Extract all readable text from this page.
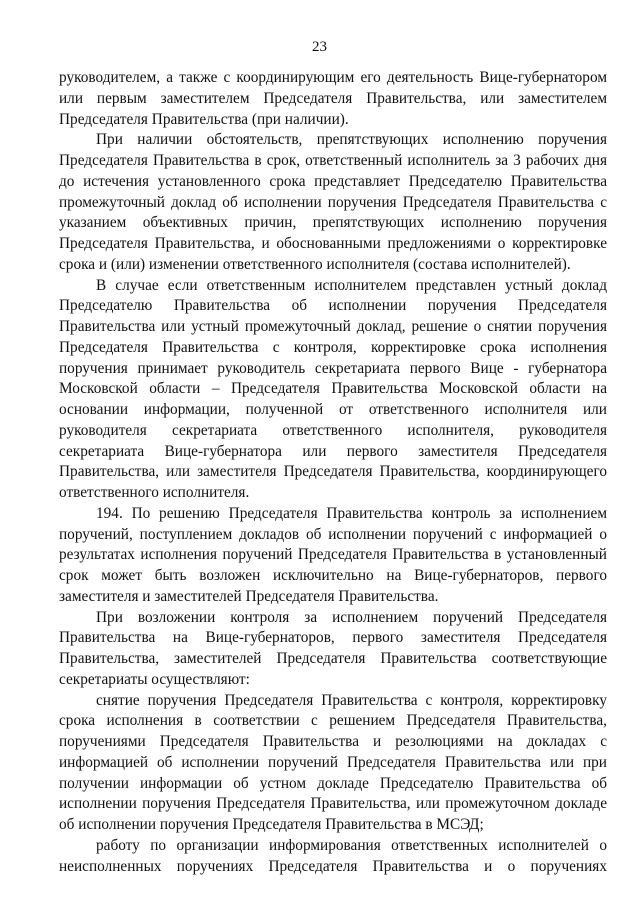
23

руководителем, а также с координирующим его деятельность Вице-губернатором или первым заместителем Председателя Правительства, или заместителем Председателя Правительства (при наличии).

При наличии обстоятельств, препятствующих исполнению поручения Председателя Правительства в срок, ответственный исполнитель за 3 рабочих дня до истечения установленного срока представляет Председателю Правительства промежуточный доклад об исполнении поручения Председателя Правительства с указанием объективных причин, препятствующих исполнению поручения Председателя Правительства, и обоснованными предложениями о корректировке срока и (или) изменении ответственного исполнителя (состава исполнителей).

В случае если ответственным исполнителем представлен устный доклад Председателю Правительства об исполнении поручения Председателя Правительства или устный промежуточный доклад, решение о снятии поручения Председателя Правительства с контроля, корректировке срока исполнения поручения принимает руководитель секретариата первого Вице - губернатора Московской области – Председателя Правительства Московской области на основании информации, полученной от ответственного исполнителя или руководителя секретариата ответственного исполнителя, руководителя секретариата Вице-губернатора или первого заместителя Председателя Правительства, или заместителя Председателя Правительства, координирующего ответственного исполнителя.

194. По решению Председателя Правительства контроль за исполнением поручений, поступлением докладов об исполнении поручений с информацией о результатах исполнения поручений Председателя Правительства в установленный срок может быть возложен исключительно на Вице-губернаторов, первого заместителя и заместителей Председателя Правительства.

При возложении контроля за исполнением поручений Председателя Правительства на Вице-губернаторов, первого заместителя Председателя Правительства, заместителей Председателя Правительства соответствующие секретариаты осуществляют:

снятие поручения Председателя Правительства с контроля, корректировку срока исполнения в соответствии с решением Председателя Правительства, поручениями Председателя Правительства и резолюциями на докладах с информацией об исполнении поручений Председателя Правительства или при получении информации об устном докладе Председателю Правительства об исполнении поручения Председателя Правительства, или промежуточном докладе об исполнении поручения Председателя Правительства в МСЭД;

работу по организации информирования ответственных исполнителей о неисполненных поручениях Председателя Правительства и о поручениях
